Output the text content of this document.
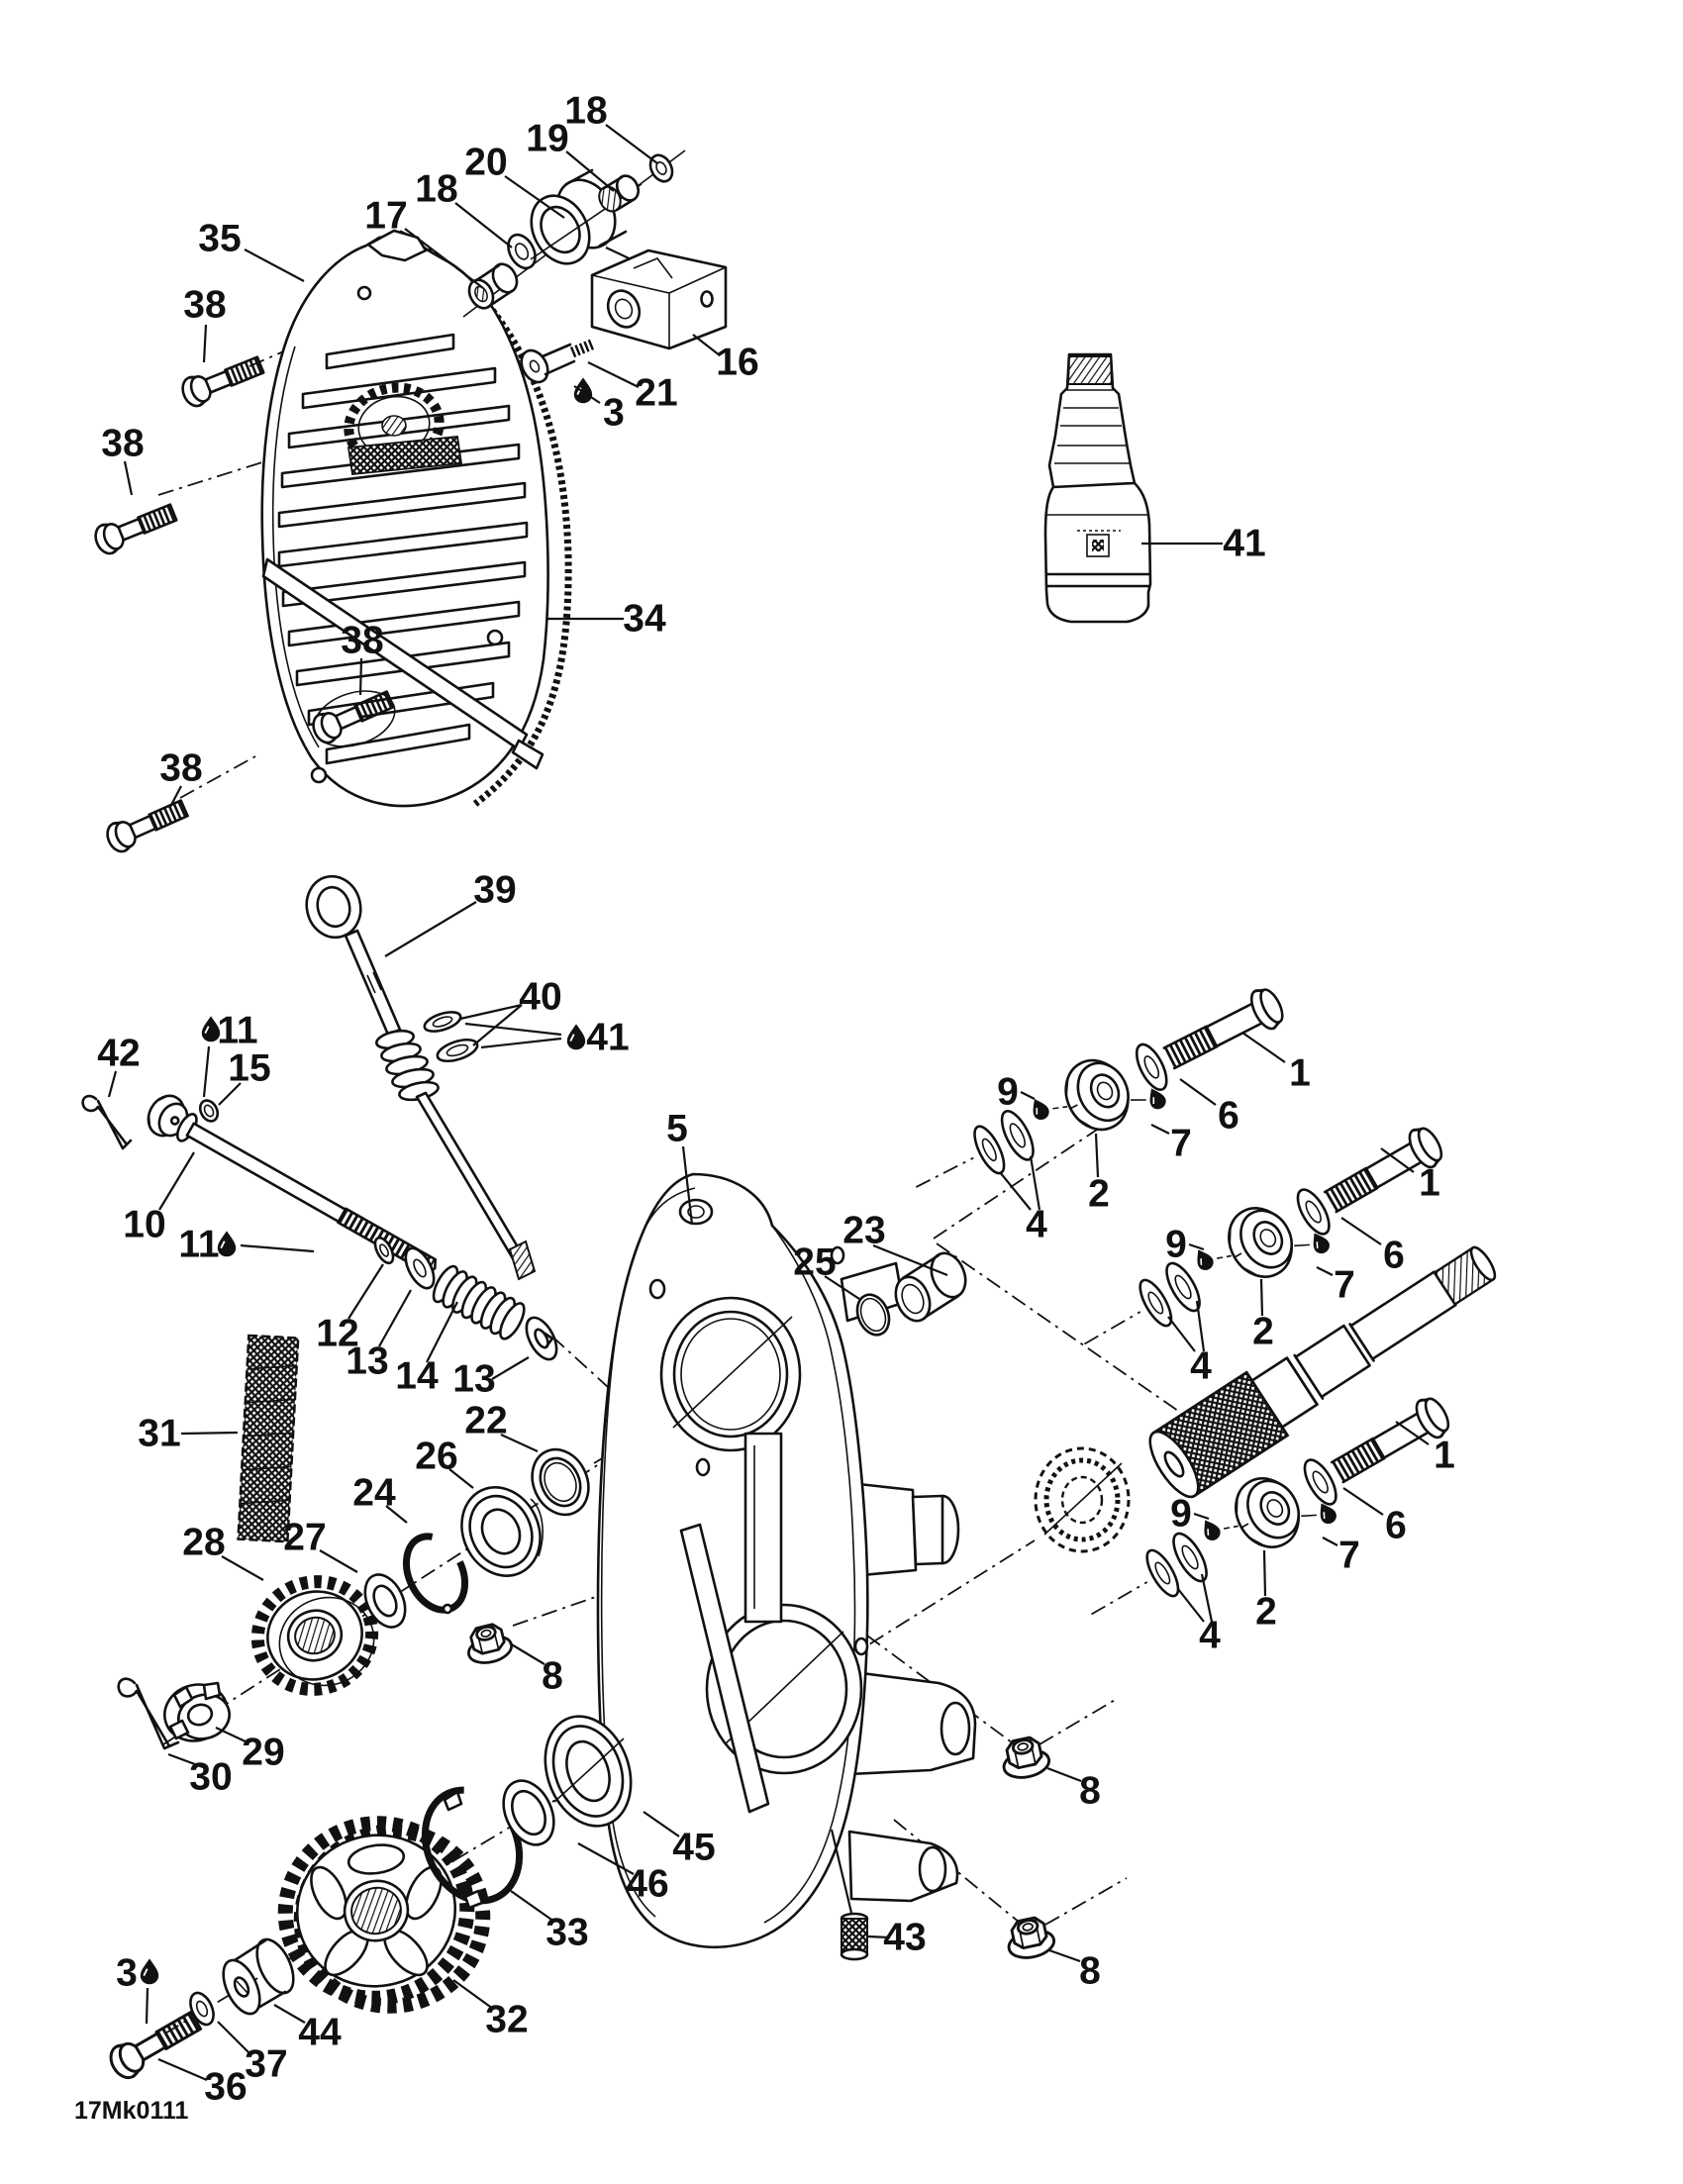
18
19
20
18
17
35
38
16
21
3
38
41
34
38
38
39
40
41
11
42 15
10 11
12
13 14 13
5
23
25
31	22
26
24
27
28
8
29
30	8
45
46
33	43
8
32
44
37
36
3
1
9
6
7
2
4
1
9	6
7
2
4
1
9	6
7
2
4
17Mk0111
